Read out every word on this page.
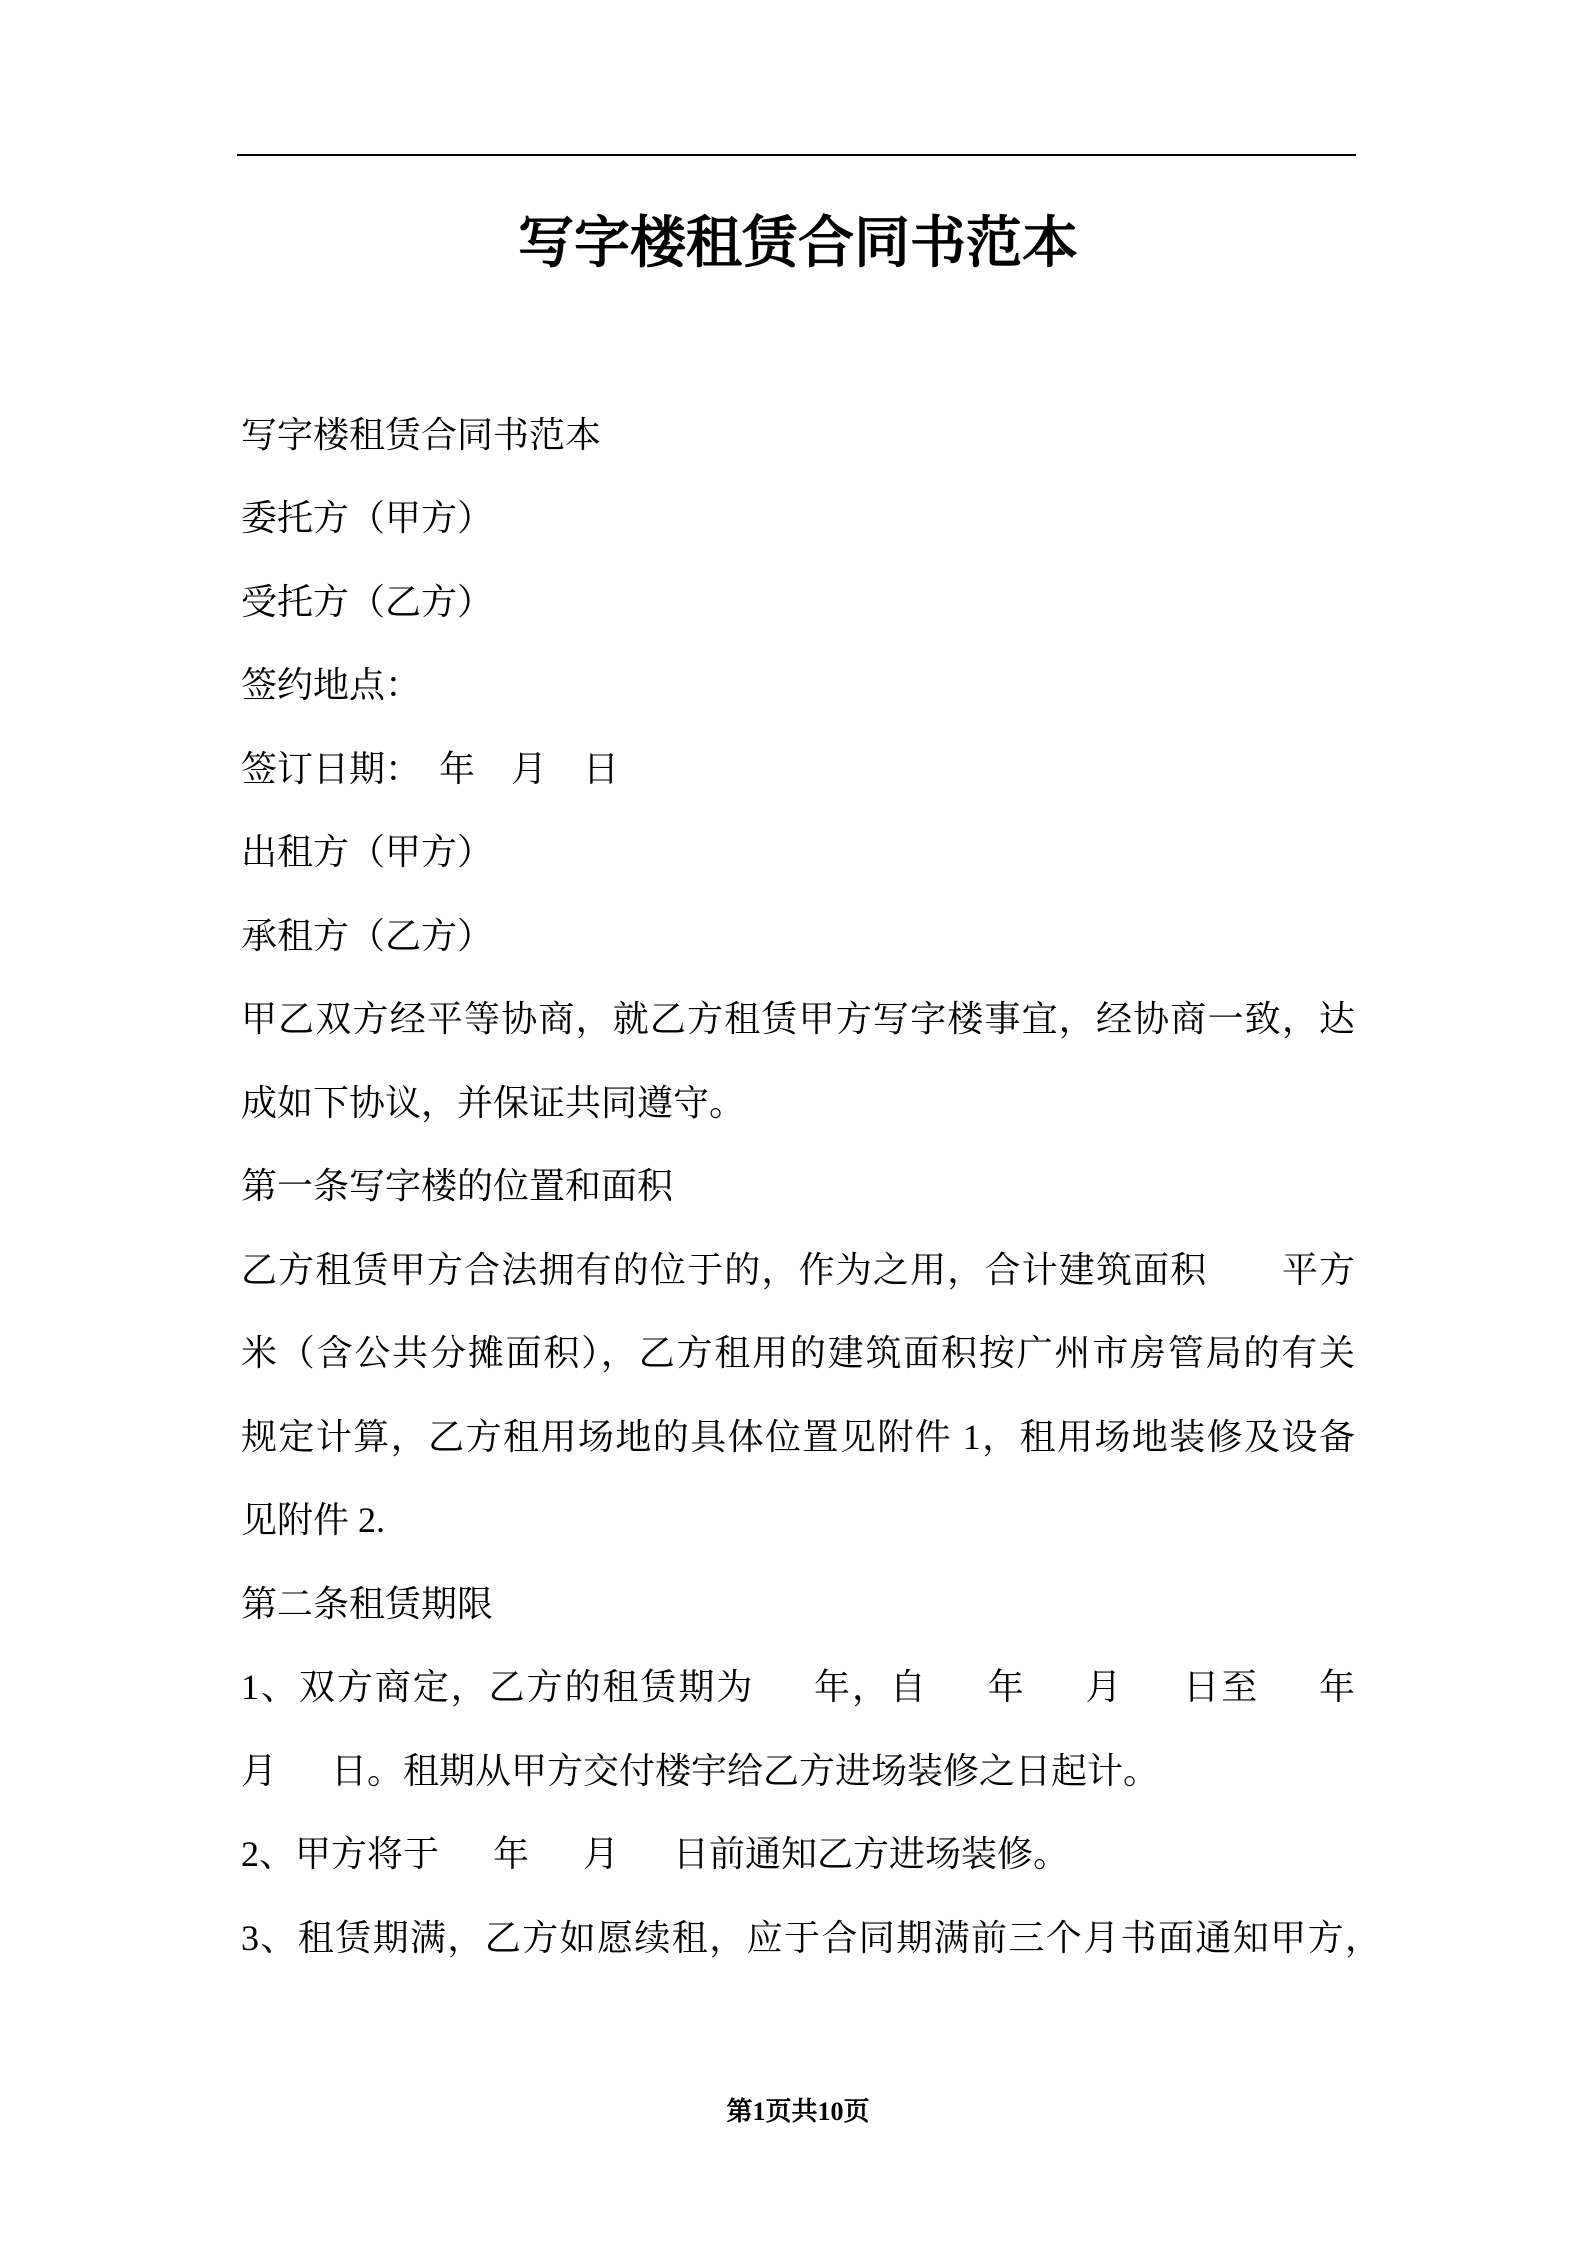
写字楼租赁合同书范本
写字楼租赁合同书范本
委托方（甲方）
受托方（乙方）
签约地点：
签订日期：　年　月　日
出租方（甲方）
承租方（乙方）
甲乙双方经平等协商，就乙方租赁甲方写字楼事宜，经协商一致，达
成如下协议，并保证共同遵守。
第一条写字楼的位置和面积
乙方租赁甲方合法拥有的位于的，作为之用，合计建筑面积　　平方
米（含公共分摊面积），乙方租用的建筑面积按广州市房管局的有关
规定计算，乙方租用场地的具体位置见附件 1，租用场地装修及设备
见附件 2.
第二条租赁期限
1、双方商定，乙方的租赁期为　  年，自　  年　  月　  日至　  年
月　  日。租期从甲方交付楼宇给乙方进场装修之日起计。
2、甲方将于　  年　  月　  日前通知乙方进场装修。
3、租赁期满，乙方如愿续租，应于合同期满前三个月书面通知甲方，
第1页共10页
